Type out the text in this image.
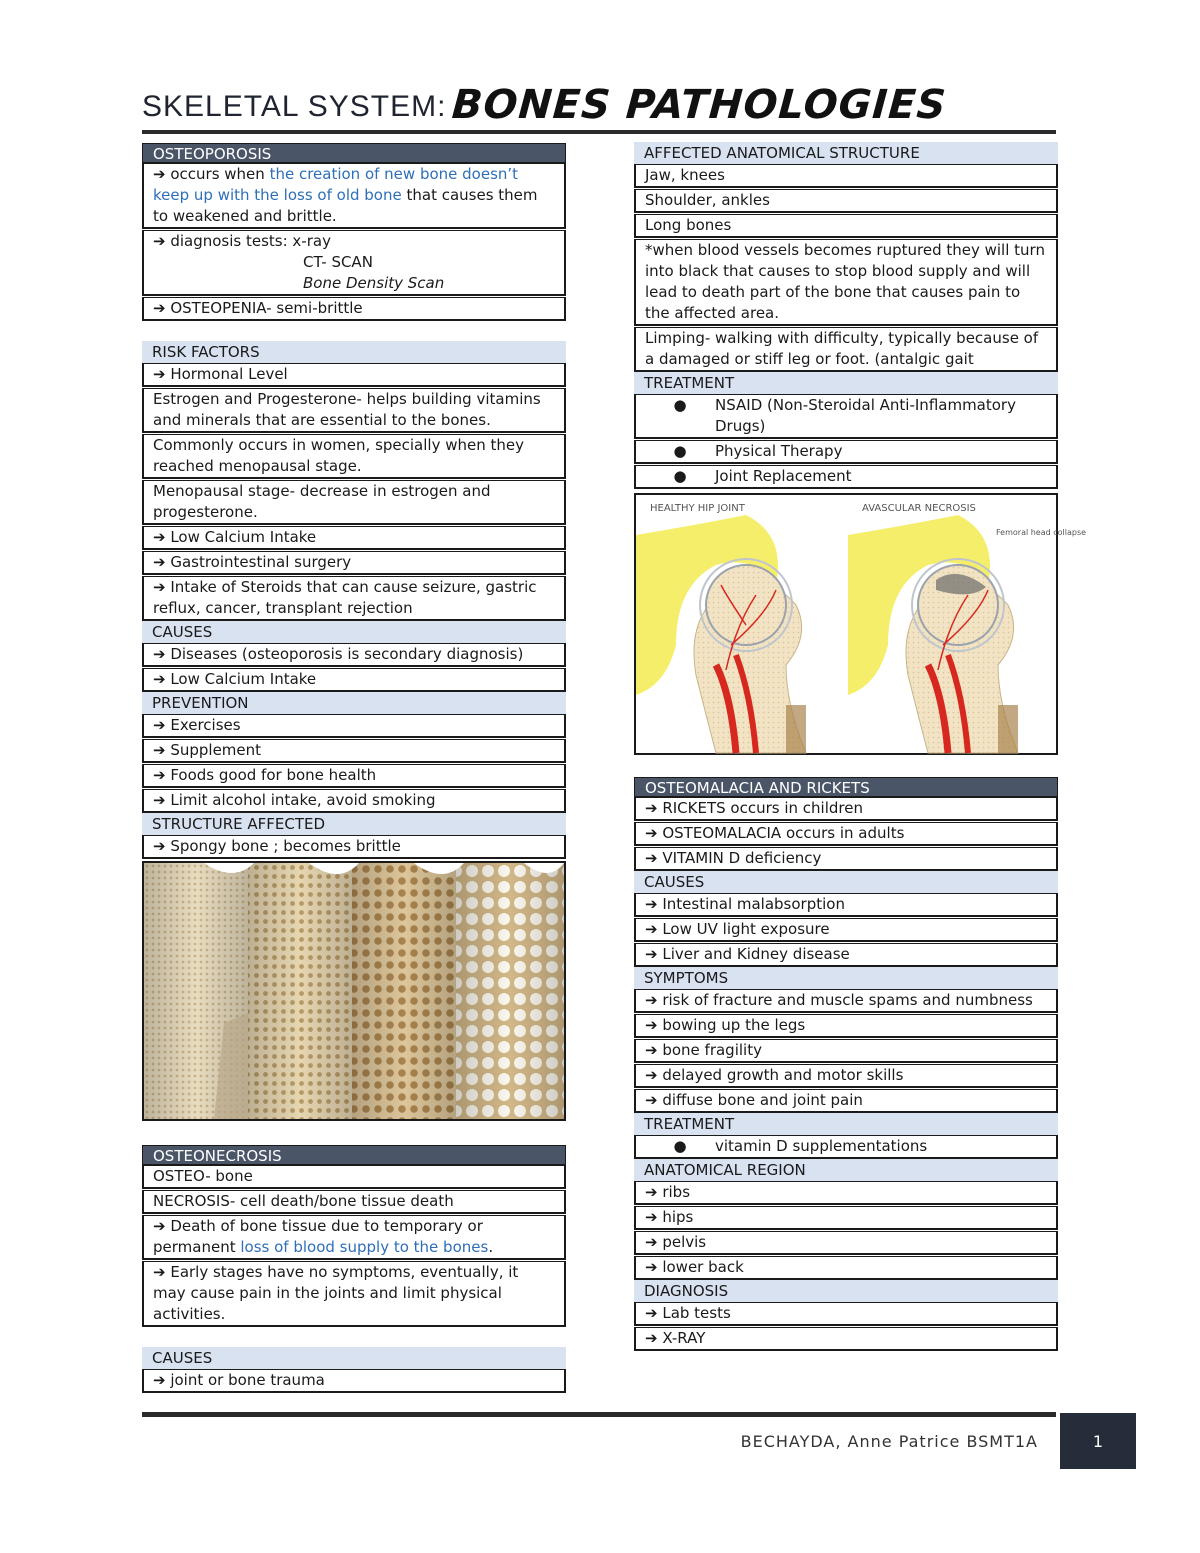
SKELETAL SYSTEM: BONES PATHOLOGIES
OSTEOPOROSIS
➔ occurs when the creation of new bone doesn’t keep up with the loss of old bone that causes them to weakened and brittle.
➔ diagnosis tests: x-ray
CT- SCAN
Bone Density Scan
➔ OSTEOPENIA- semi-brittle
RISK FACTORS
➔ Hormonal Level
Estrogen and Progesterone- helps building vitamins and minerals that are essential to the bones.
Commonly occurs in women, specially when they reached menopausal stage.
Menopausal stage- decrease in estrogen and progesterone.
➔ Low Calcium Intake
➔ Gastrointestinal surgery
➔ Intake of Steroids that can cause seizure, gastric reflux, cancer, transplant rejection
CAUSES
➔ Diseases (osteoporosis is secondary diagnosis)
➔ Low Calcium Intake
PREVENTION
➔ Exercises
➔ Supplement
➔ Foods good for bone health
➔ Limit alcohol intake, avoid smoking
STRUCTURE AFFECTED
➔ Spongy bone ; becomes brittle
OSTEONECROSIS
OSTEO- bone
NECROSIS- cell death/bone tissue death
➔ Death of bone tissue due to temporary or permanent loss of blood supply to the bones.
➔ Early stages have no symptoms, eventually, it may cause pain in the joints and limit physical activities.
CAUSES
➔ joint or bone trauma
AFFECTED ANATOMICAL STRUCTURE
Jaw, knees
Shoulder, ankles
Long bones
*when blood vessels becomes ruptured they will turn into black that causes to stop blood supply and will lead to death part of the bone that causes pain to the affected area.
Limping- walking with difficulty, typically because of a damaged or stiff leg or foot. (antalgic gait
TREATMENT
●	NSAID (Non-Steroidal Anti-Inflammatory Drugs)
●	Physical Therapy
●	Joint Replacement
HEALTHY HIP JOINT	AVASCULAR NECROSIS
Femoral head collapse
OSTEOMALACIA AND RICKETS
➔ RICKETS occurs in children
➔ OSTEOMALACIA occurs in adults
➔ VITAMIN D deficiency
CAUSES
➔ Intestinal malabsorption
➔ Low UV light exposure
➔ Liver and Kidney disease
SYMPTOMS
➔ risk of fracture and muscle spams and numbness
➔ bowing up the legs
➔ bone fragility
➔ delayed growth and motor skills
➔ diffuse bone and joint pain
TREATMENT
●	vitamin D supplementations
ANATOMICAL REGION
➔ ribs
➔ hips
➔ pelvis
➔ lower back
DIAGNOSIS
➔ Lab tests
➔ X-RAY
BECHAYDA, Anne Patrice BSMT1A	1
